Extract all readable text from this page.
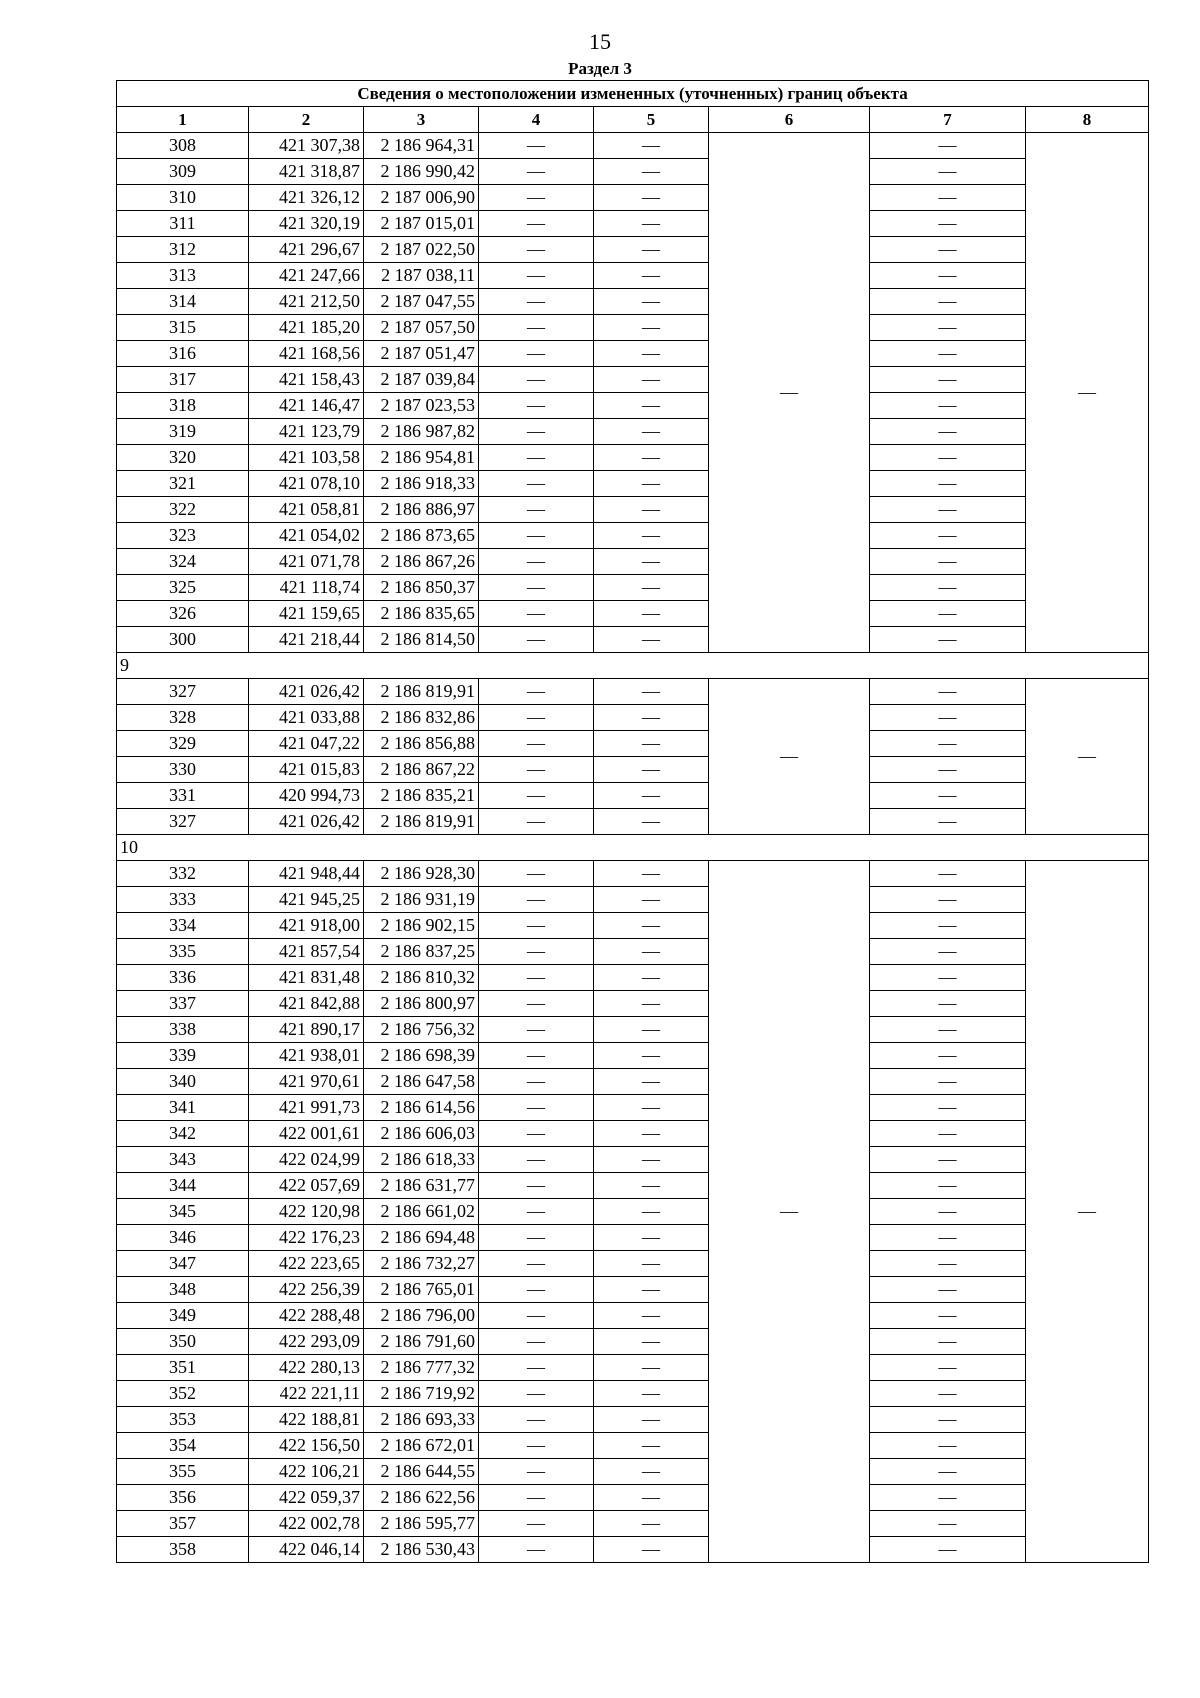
15
Раздел 3
Сведения о местоположении измененных (уточненных) границ объекта							
1	2	3	4	5	6	7	8
308	421 307,38	2 186 964,31	—	—	—	—	—
309	421 318,87	2 186 990,42	—	—		—	
310	421 326,12	2 187 006,90	—	—		—	
311	421 320,19	2 187 015,01	—	—		—	
312	421 296,67	2 187 022,50	—	—		—	
313	421 247,66	2 187 038,11	—	—		—	
314	421 212,50	2 187 047,55	—	—		—	
315	421 185,20	2 187 057,50	—	—		—	
316	421 168,56	2 187 051,47	—	—		—	
317	421 158,43	2 187 039,84	—	—		—	
318	421 146,47	2 187 023,53	—	—		—	
319	421 123,79	2 186 987,82	—	—		—	
320	421 103,58	2 186 954,81	—	—		—	
321	421 078,10	2 186 918,33	—	—		—	
322	421 058,81	2 186 886,97	—	—		—	
323	421 054,02	2 186 873,65	—	—		—	
324	421 071,78	2 186 867,26	—	—		—	
325	421 118,74	2 186 850,37	—	—		—	
326	421 159,65	2 186 835,65	—	—		—	
300	421 218,44	2 186 814,50	—	—		—	
9							
327	421 026,42	2 186 819,91	—	—	—	—	—
328	421 033,88	2 186 832,86	—	—		—	
329	421 047,22	2 186 856,88	—	—		—	
330	421 015,83	2 186 867,22	—	—		—	
331	420 994,73	2 186 835,21	—	—		—	
327	421 026,42	2 186 819,91	—	—		—	
10							
332	421 948,44	2 186 928,30	—	—	—	—	—
333	421 945,25	2 186 931,19	—	—		—	
334	421 918,00	2 186 902,15	—	—		—	
335	421 857,54	2 186 837,25	—	—		—	
336	421 831,48	2 186 810,32	—	—		—	
337	421 842,88	2 186 800,97	—	—		—	
338	421 890,17	2 186 756,32	—	—		—	
339	421 938,01	2 186 698,39	—	—		—	
340	421 970,61	2 186 647,58	—	—		—	
341	421 991,73	2 186 614,56	—	—		—	
342	422 001,61	2 186 606,03	—	—		—	
343	422 024,99	2 186 618,33	—	—		—	
344	422 057,69	2 186 631,77	—	—		—	
345	422 120,98	2 186 661,02	—	—		—	
346	422 176,23	2 186 694,48	—	—		—	
347	422 223,65	2 186 732,27	—	—		—	
348	422 256,39	2 186 765,01	—	—		—	
349	422 288,48	2 186 796,00	—	—		—	
350	422 293,09	2 186 791,60	—	—		—	
351	422 280,13	2 186 777,32	—	—		—	
352	422 221,11	2 186 719,92	—	—		—	
353	422 188,81	2 186 693,33	—	—		—	
354	422 156,50	2 186 672,01	—	—		—	
355	422 106,21	2 186 644,55	—	—		—	
356	422 059,37	2 186 622,56	—	—		—	
357	422 002,78	2 186 595,77	—	—		—	
358	422 046,14	2 186 530,43	—	—		—	
